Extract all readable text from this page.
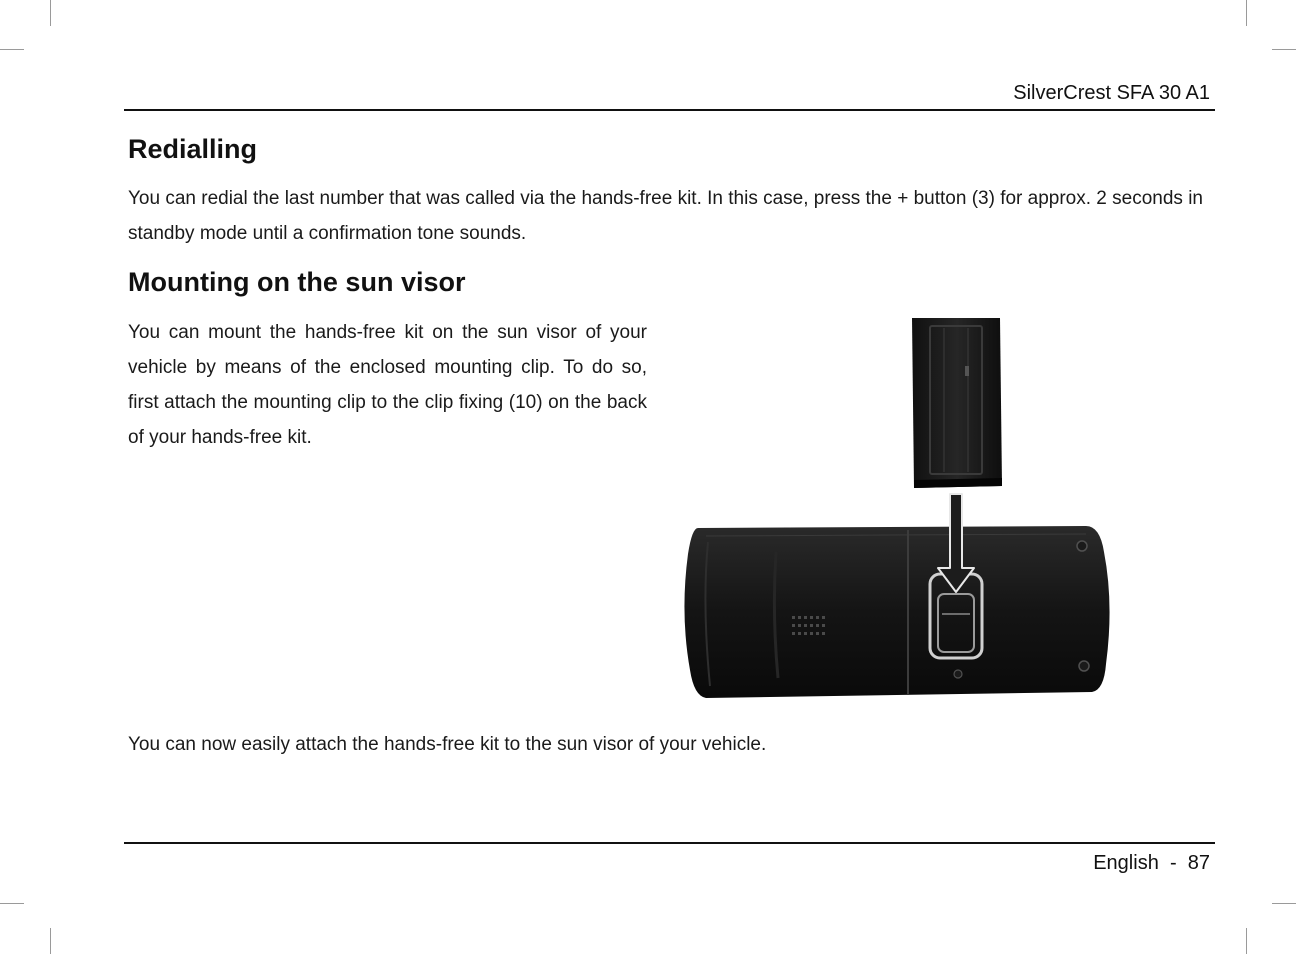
SilverCrest SFA 30 A1
Redialling

You can redial the last number that was called via the hands-free kit. In this case, press the + button (3) for approx. 2 seconds in standby mode until a confirmation tone sounds.

Mounting on the sun visor

You can mount the hands-free kit on the sun visor of your vehicle by means of the enclosed mounting clip. To do so, first attach the mounting clip to the clip fixing (10) on the back of your hands-free kit.

You can now easily attach the hands-free kit to the sun visor of your vehicle.

English - 87
